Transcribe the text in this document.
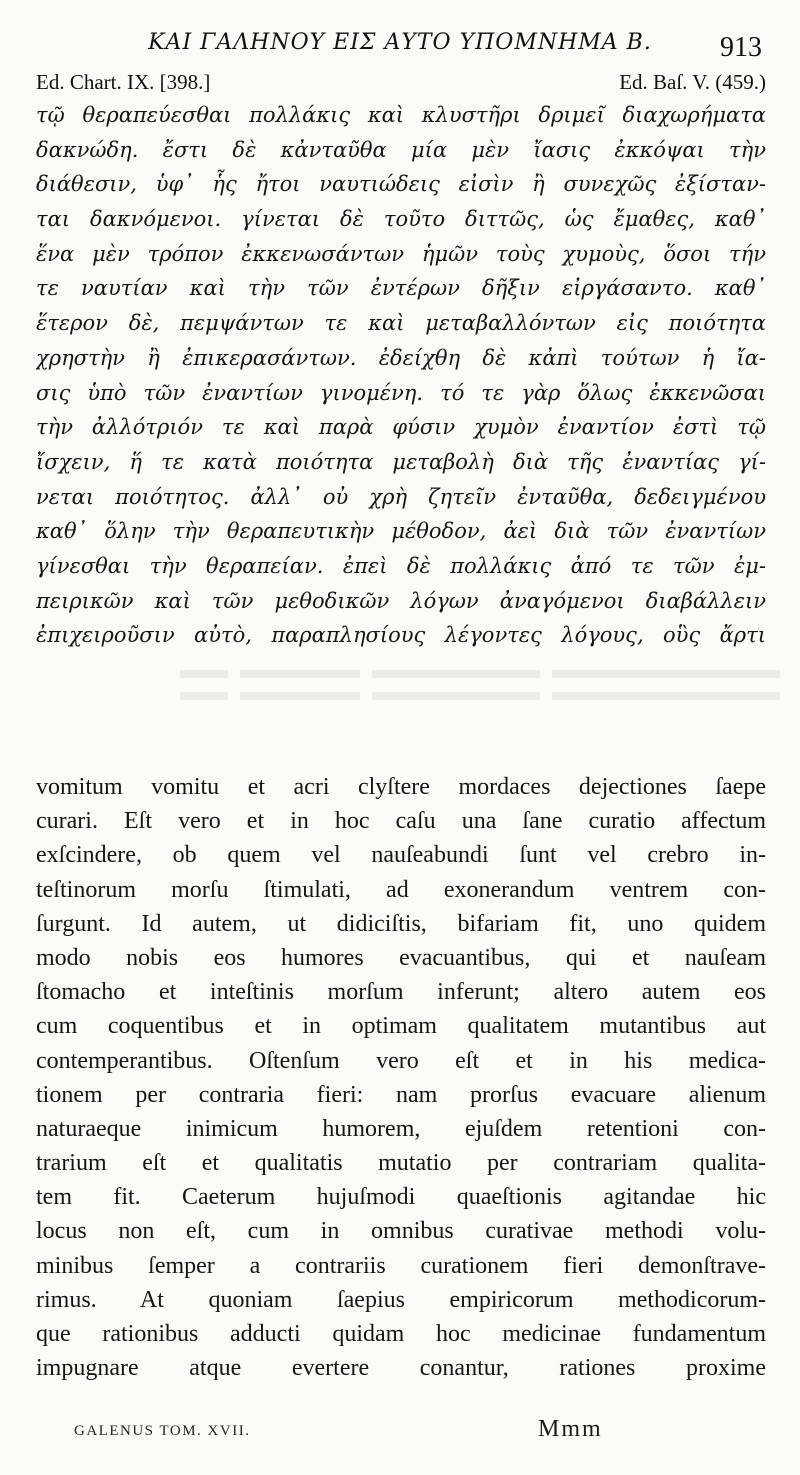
ΚΑΙ ΓΑΛΗΝΟΥ ΕΙΣ ΑΥΤΟ ΥΠΟΜΝΗΜΑ Β.	913
Ed. Chart. IX. [398.]	Ed. Baſ. V. (459.)
τῷ θεραπεύεσθαι πολλάκις καὶ κλυστῆρι δριμεῖ διαχωρήματα
δακνώδη. ἔστι δὲ κἀνταῦθα μία μὲν ἴασις ἐκκόψαι τὴν
διάθεσιν, ὑφ᾽ ἧς ἤτοι ναυτιώδεις εἰσὶν ἢ συνεχῶς ἐξίσταν-
ται δακνόμενοι. γίνεται δὲ τοῦτο διττῶς, ὡς ἔμαθες, καθ᾽
ἕνα μὲν τρόπον ἐκκενωσάντων ἡμῶν τοὺς χυμοὺς, ὅσοι τήν
τε ναυτίαν καὶ τὴν τῶν ἐντέρων δῆξιν εἰργάσαντο. καθ᾽
ἕτερον δὲ, πεμψάντων τε καὶ μεταβαλλόντων εἰς ποιότητα
χρηστὴν ἢ ἐπικερασάντων. ἐδείχθη δὲ κἀπὶ τούτων ἡ ἴα-
σις ὑπὸ τῶν ἐναντίων γινομένη. τό τε γὰρ ὅλως ἐκκενῶσαι
τὴν ἀλλότριόν τε καὶ παρὰ φύσιν χυμὸν ἐναντίον ἐστὶ τῷ
ἴσχειν, ἥ τε κατὰ ποιότητα μεταβολὴ διὰ τῆς ἐναντίας γί-
νεται ποιότητος. ἀλλ᾽ οὐ χρὴ ζητεῖν ἐνταῦθα, δεδειγμένου
καθ᾽ ὅλην τὴν θεραπευτικὴν μέθοδον, ἀεὶ διὰ τῶν ἐναντίων
γίνεσθαι τὴν θεραπείαν. ἐπεὶ δὲ πολλάκις ἀπό τε τῶν ἐμ-
πειρικῶν καὶ τῶν μεθοδικῶν λόγων ἀναγόμενοι διαβάλλειν
ἐπιχειροῦσιν αὐτὸ, παραπλησίους λέγοντες λόγους, οὓς ἄρτι
vomitum vomitu et acri clyſtere mordaces dejectiones ſaepe
curari. Eſt vero et in hoc caſu una ſane curatio affectum
exſcindere, ob quem vel nauſeabundi ſunt vel crebro in-
teſtinorum morſu ſtimulati, ad exonerandum ventrem con-
ſurgunt. Id autem, ut didiciſtis, bifariam fit, uno quidem
modo nobis eos humores evacuantibus, qui et nauſeam
ſtomacho et inteſtinis morſum inferunt; altero autem eos
cum coquentibus et in optimam qualitatem mutantibus aut
contemperantibus. Oſtenſum vero eſt et in his medica-
tionem per contraria fieri: nam prorſus evacuare alienum
naturaeque inimicum humorem, ejuſdem retentioni con-
trarium eſt et qualitatis mutatio per contrariam qualita-
tem fit. Caeterum hujuſmodi quaeſtionis agitandae hic
locus non eſt, cum in omnibus curativae methodi volu-
minibus ſemper a contrariis curationem fieri demonſtrave-
rimus. At quoniam ſaepius empiricorum methodicorum-
que rationibus adducti quidam hoc medicinae fundamentum
impugnare atque evertere conantur, rationes proxime
GALENUS TOM. XVII.	Mmm
